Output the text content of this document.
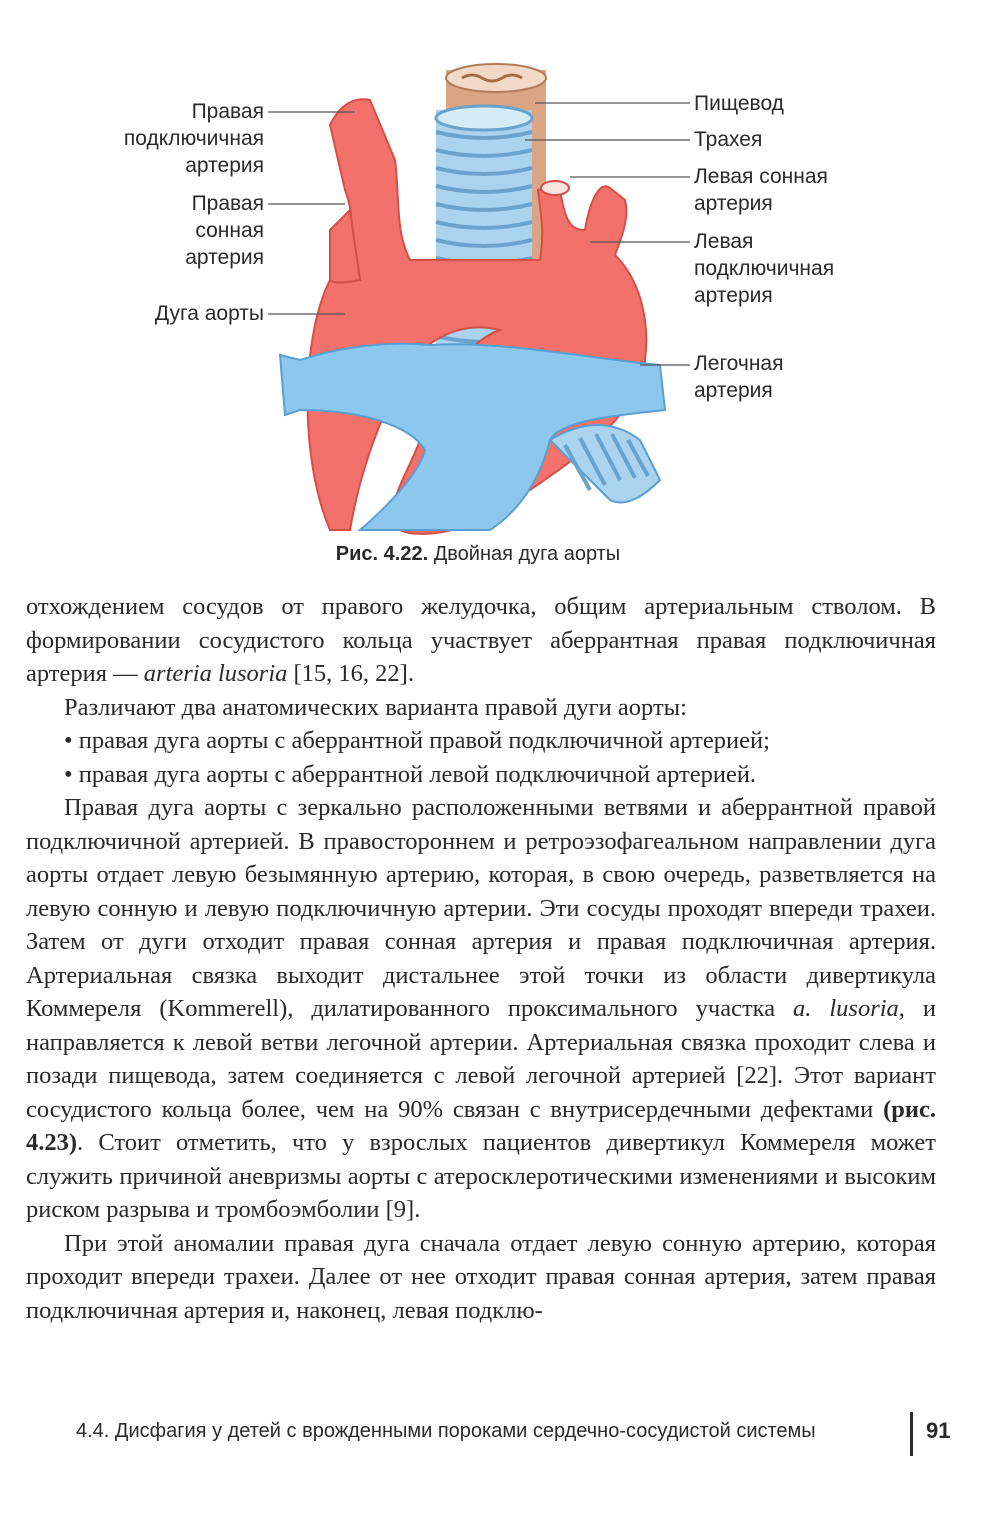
Правая
подключичная
артерия
Правая
сонная
артерия
Дуга аорты
Пищевод
Трахея
Левая сонная
артерия
Левая
подключичная
артерия
Легочная
артерия
Рис. 4.22. Двойная дуга аорты

отхождением сосудов от правого желудочка, общим артериальным стволом. В формировании сосудистого кольца участвует аберрантная правая подключичная артерия — arteria lusoria [15, 16, 22].

Различают два анатомических варианта правой дуги аорты:

• правая дуга аорты с аберрантной правой подключичной артерией;

• правая дуга аорты с аберрантной левой подключичной артерией.

Правая дуга аорты с зеркально расположенными ветвями и аберрантной правой подключичной артерией. В правостороннем и ретроэзофагеальном направлении дуга аорты отдает левую безымянную артерию, которая, в свою очередь, разветвляется на левую сонную и левую подключичную артерии. Эти сосуды проходят впереди трахеи. Затем от дуги отходит правая сонная артерия и правая подключичная артерия. Артериальная связка выходит дистальнее этой точки из области дивертикула Коммереля (Kommerell), дилатированного проксимального участка a. lusoria, и направляется к левой ветви легочной артерии. Артериальная связка проходит слева и позади пищевода, затем соединяется с левой легочной артерией [22]. Этот вариант сосудистого кольца более, чем на 90% связан с внутрисердечными дефектами (рис. 4.23). Стоит отметить, что у взрослых пациентов дивертикул Коммереля может служить причиной аневризмы аорты с атеросклеротическими изменениями и высоким риском разрыва и тромбоэмболии [9].

При этой аномалии правая дуга сначала отдает левую сонную артерию, которая проходит впереди трахеи. Далее от нее отходит правая сонная артерия, затем правая подключичная артерия и, наконец, левая подклю-

4.4. Дисфагия у детей с врожденными пороками сердечно-сосудистой системы	91
